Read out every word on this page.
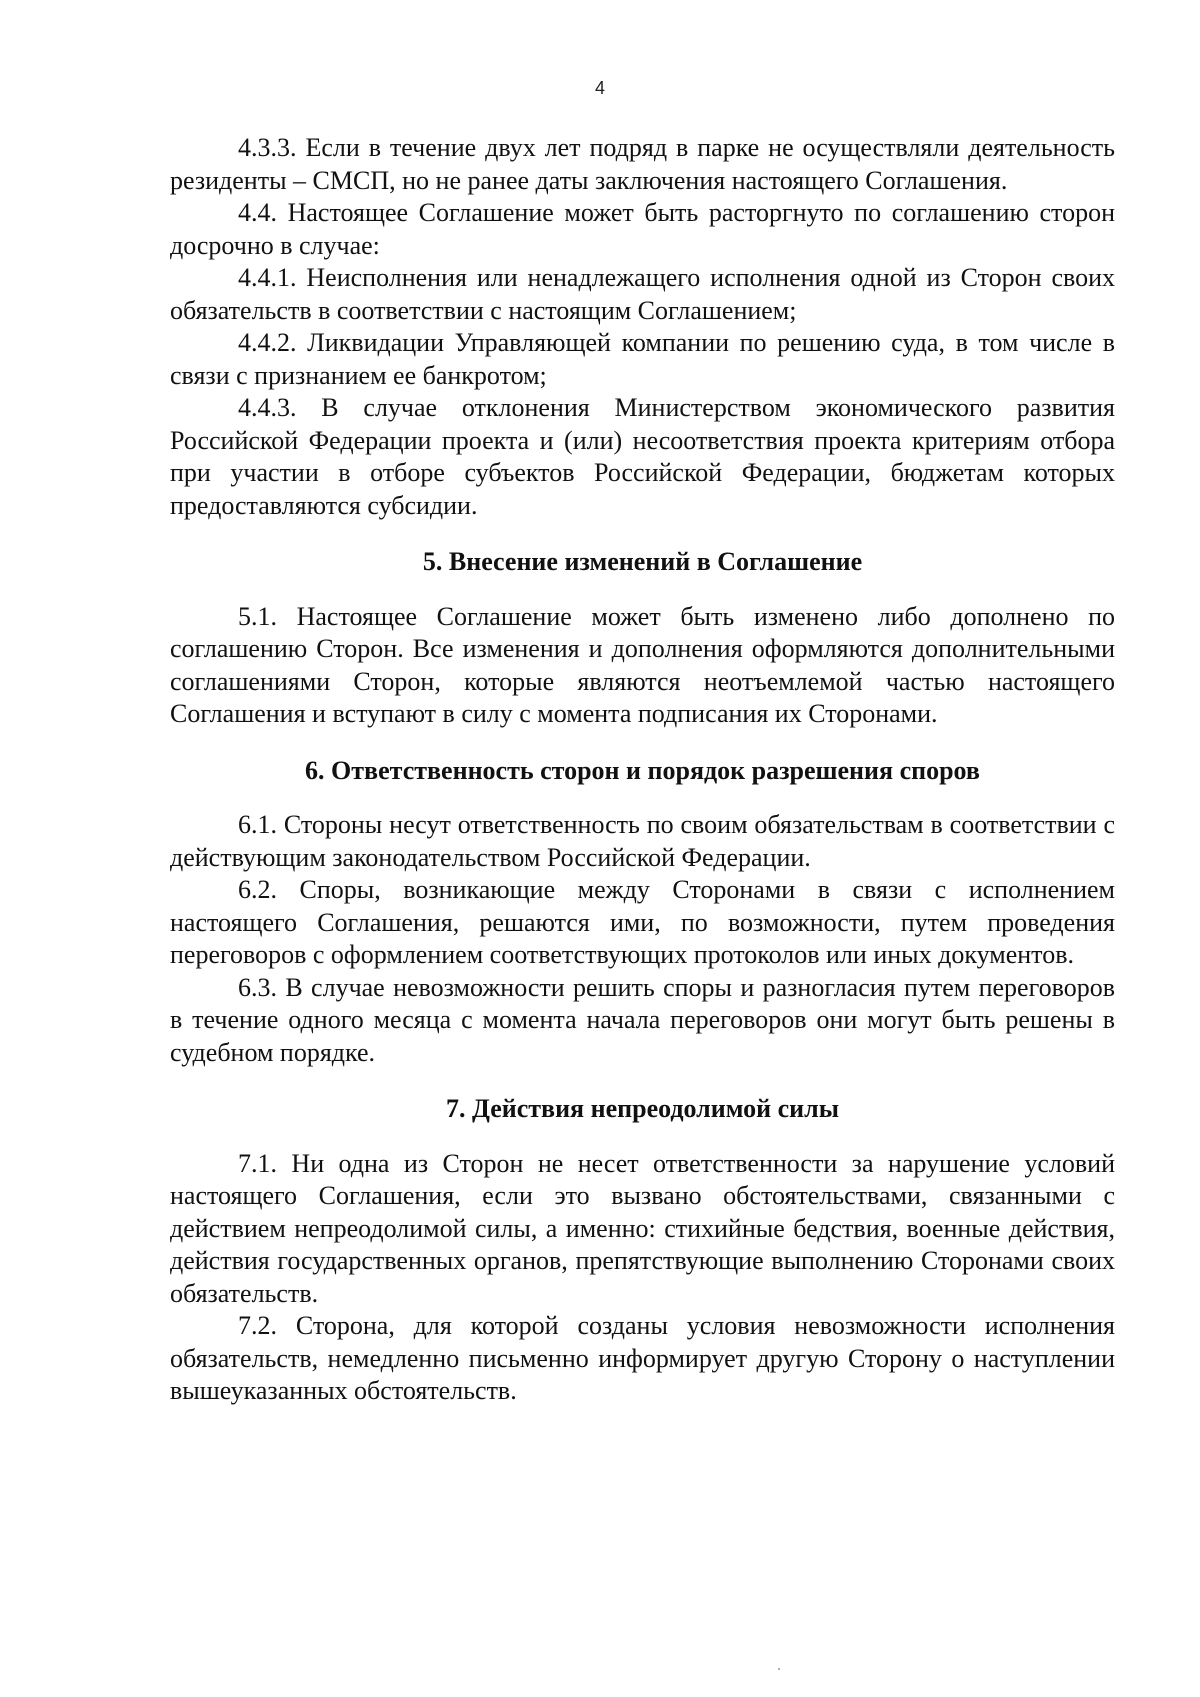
4

4.3.3. Если в течение двух лет подряд в парке не осуществляли деятельность резиденты – СМСП, но не ранее даты заключения настоящего Соглашения.

4.4. Настоящее Соглашение может быть расторгнуто по соглашению сторон досрочно в случае:

4.4.1. Неисполнения или ненадлежащего исполнения одной из Сторон своих обязательств в соответствии с настоящим Соглашением;

4.4.2. Ликвидации Управляющей компании по решению суда, в том числе в связи с признанием ее банкротом;

4.4.3. В случае отклонения Министерством экономического развития Российской Федерации проекта и (или) несоответствия проекта критериям отбора при участии в отборе субъектов Российской Федерации, бюджетам которых предоставляются субсидии.

5. Внесение изменений в Соглашение

5.1. Настоящее Соглашение может быть изменено либо дополнено по соглашению Сторон. Все изменения и дополнения оформляются дополнительными соглашениями Сторон, которые являются неотъемлемой частью настоящего Соглашения и вступают в силу с момента подписания их Сторонами.

6. Ответственность сторон и порядок разрешения споров

6.1. Стороны несут ответственность по своим обязательствам в соответствии с действующим законодательством Российской Федерации.

6.2. Споры, возникающие между Сторонами в связи с исполнением настоящего Соглашения, решаются ими, по возможности, путем проведения переговоров с оформлением соответствующих протоколов или иных документов.

6.3. В случае невозможности решить споры и разногласия путем переговоров в течение одного месяца с момента начала переговоров они могут быть решены в судебном порядке.

7. Действия непреодолимой силы

7.1. Ни одна из Сторон не несет ответственности за нарушение условий настоящего Соглашения, если это вызвано обстоятельствами, связанными с действием непреодолимой силы, а именно: стихийные бедствия, военные действия, действия государственных органов, препятствующие выполнению Сторонами своих обязательств.

7.2. Сторона, для которой созданы условия невозможности исполнения обязательств, немедленно письменно информирует другую Сторону о наступлении вышеуказанных обстоятельств.
